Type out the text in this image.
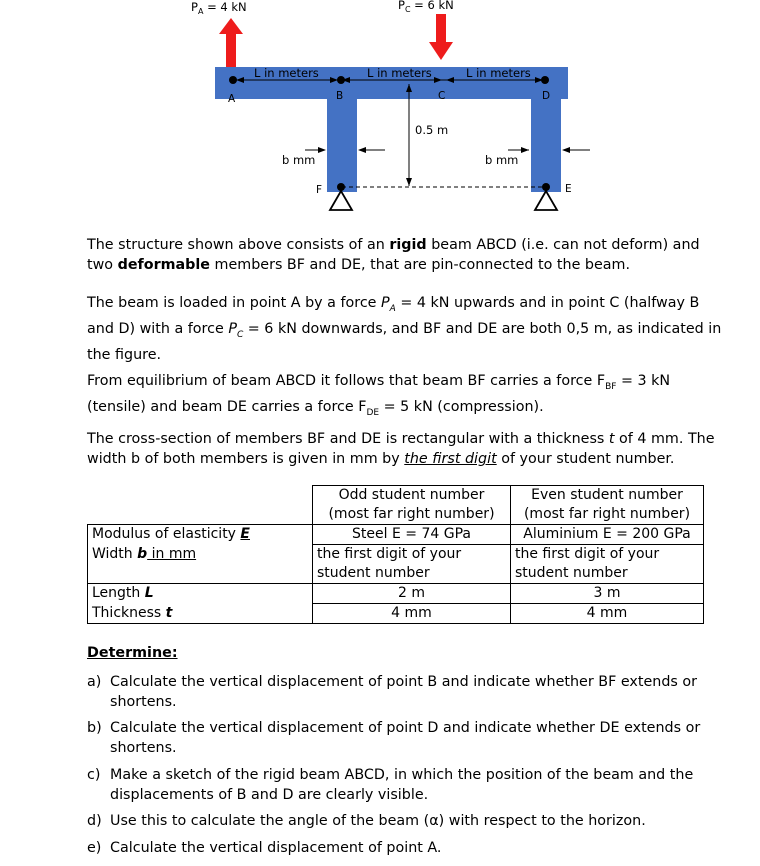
$P_A = 4$ kN	$P_C = 6$ kN
L in meters	L in meters	L in meters
A	B	C	D
0.5 m
b mm	b mm
F	E
The structure shown above consists of an rigid beam ABCD (i.e. can not deform) and two deformable members BF and DE, that are pin-connected to the beam.
The beam is loaded in point A by a force $P_A = 4$ kN upwards and in point C (halfway B and D) with a force $P_C = 6$ kN downwards, and BF and DE are both 0,5 m, as indicated in the figure.
From equilibrium of beam ABCD it follows that beam BF carries a force $F_{BF} = 3$ kN (tensile) and beam DE carries a force $F_{DE} = 5$ kN (compression).
The cross-section of members BF and DE is rectangular with a thickness t of 4 mm. The width b of both members is given in mm by the first digit of your student number.
	Odd student number (most far right number)	Even student number (most far right number)
Modulus of elasticity E	Steel E = 74 GPa	Aluminium E = 200 GPa
Width b in mm	the first digit of your student number	the first digit of your student number
Length L	2 m	3 m
Thickness t	4 mm	4 mm
Determine:
a) Calculate the vertical displacement of point B and indicate whether BF extends or shortens.
b) Calculate the vertical displacement of point D and indicate whether DE extends or shortens.
c) Make a sketch of the rigid beam ABCD, in which the position of the beam and the displacements of B and D are clearly visible.
d) Use this to calculate the angle of the beam (α) with respect to the horizon.
e) Calculate the vertical displacement of point A.
